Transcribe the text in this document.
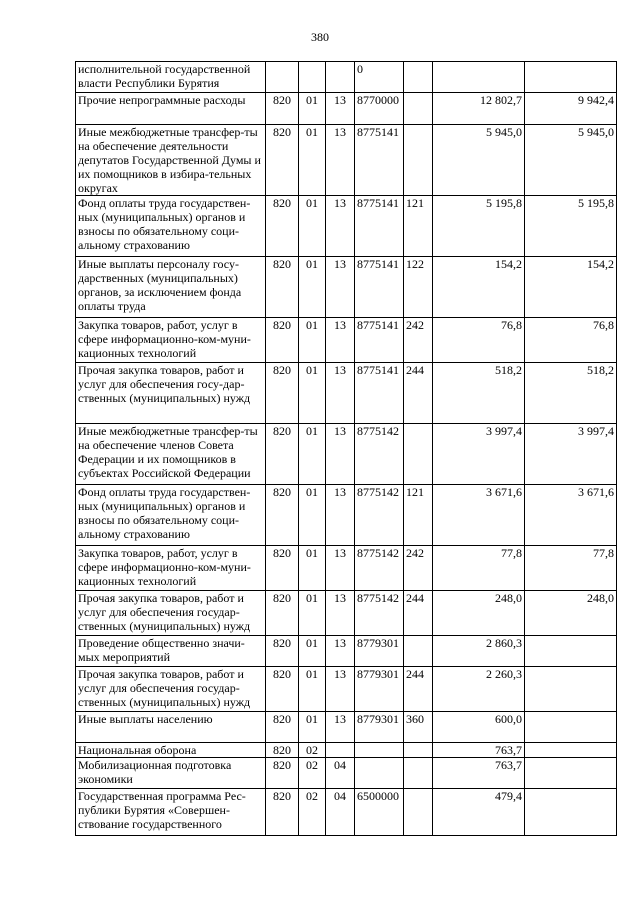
380
исполнительной государственной власти Республики Бурятия				0			
Прочие непрограммные расходы	820	01	13	8770000		12 802,7	9 942,4
Иные межбюджетные трансфер-ты на обеспечение деятельности депутатов Государственной Думы и их помощников в избира-тельных округах	820	01	13	8775141		5 945,0	5 945,0
Фонд оплаты труда государствен-ных (муниципальных) органов и взносы по обязательному соци-альному страхованию	820	01	13	8775141	121	5 195,8	5 195,8
Иные выплаты персоналу госу-дарственных (муниципальных) органов, за исключением фонда оплаты труда	820	01	13	8775141	122	154,2	154,2
Закупка товаров, работ, услуг в сфере информационно-ком-муни-кационных технологий	820	01	13	8775141	242	76,8	76,8
Прочая закупка товаров, работ и услуг для обеспечения госу-дар-ственных (муниципальных) нужд	820	01	13	8775141	244	518,2	518,2
Иные межбюджетные трансфер-ты на обеспечение членов Совета Федерации и их помощников в субъектах Российской Федерации	820	01	13	8775142		3 997,4	3 997,4
Фонд оплаты труда государствен-ных (муниципальных) органов и взносы по обязательному соци-альному страхованию	820	01	13	8775142	121	3 671,6	3 671,6
Закупка товаров, работ, услуг в сфере информационно-ком-муни-кационных технологий	820	01	13	8775142	242	77,8	77,8
Прочая закупка товаров, работ и услуг для обеспечения государ-ственных (муниципальных) нужд	820	01	13	8775142	244	248,0	248,0
Проведение общественно значи-мых мероприятий	820	01	13	8779301		2 860,3	
Прочая закупка товаров, работ и услуг для обеспечения государ-ственных (муниципальных) нужд	820	01	13	8779301	244	2 260,3	
Иные выплаты населению	820	01	13	8779301	360	600,0	
Национальная оборона	820	02				763,7	
Мобилизационная подготовка экономики	820	02	04			763,7	
Государственная программа Рес-публики Бурятия «Совершен-ствование государственного	820	02	04	6500000		479,4	
